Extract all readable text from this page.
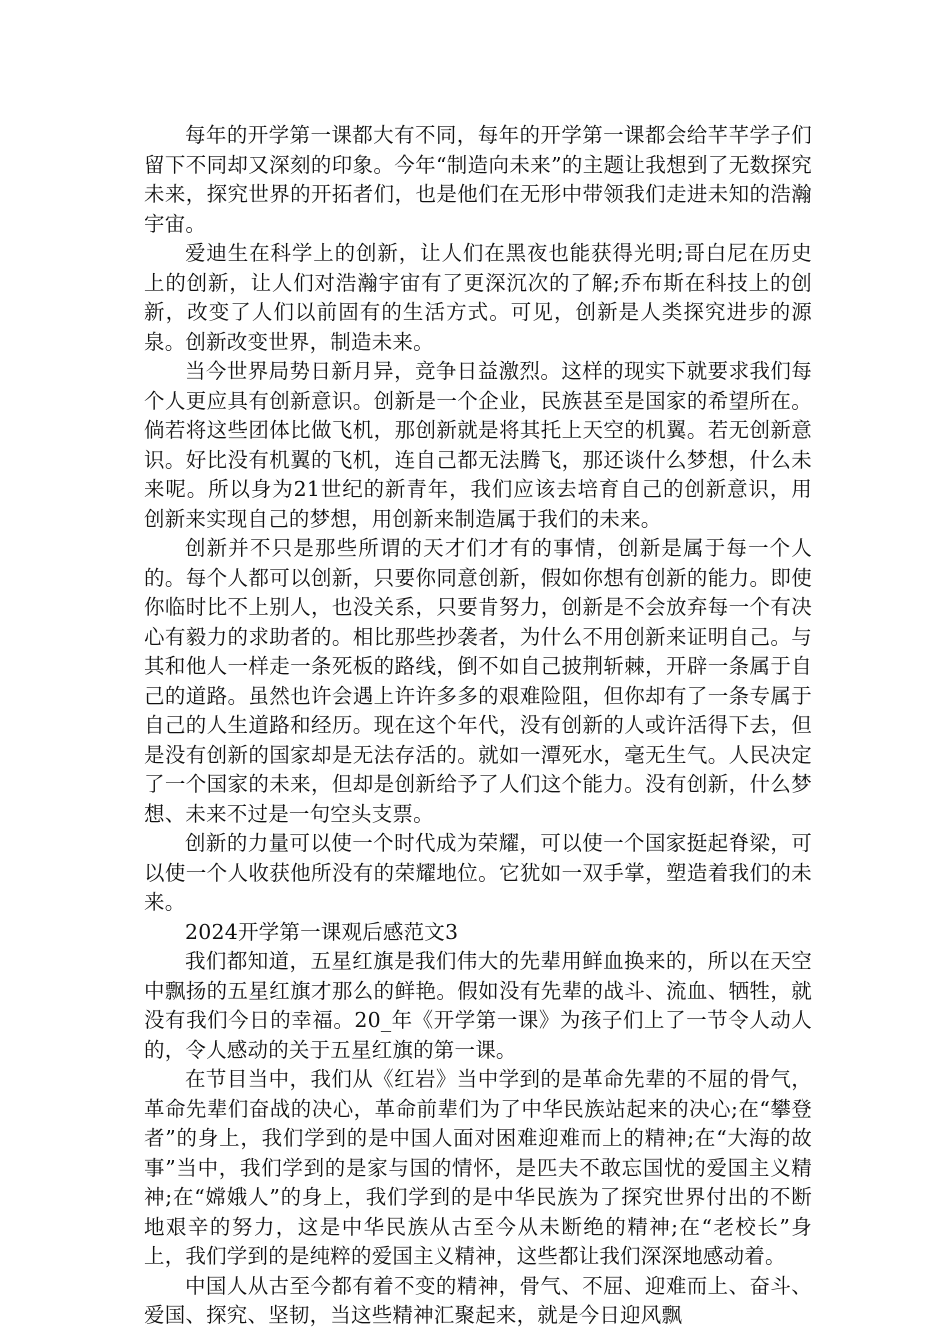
每年的开学第一课都大有不同，每年的开学第一课都会给芊芊学子们留下不同却又深刻的印象。今年“制造向未来”的主题让我想到了无数探究未来，探究世界的开拓者们，也是他们在无形中带领我们走进未知的浩瀚宇宙。

爱迪生在科学上的创新，让人们在黑夜也能获得光明;哥白尼在历史上的创新，让人们对浩瀚宇宙有了更深沉次的了解;乔布斯在科技上的创新，改变了人们以前固有的生活方式。可见，创新是人类探究进步的源泉。创新改变世界，制造未来。

当今世界局势日新月异，竞争日益激烈。这样的现实下就要求我们每个人更应具有创新意识。创新是一个企业，民族甚至是国家的希望所在。倘若将这些团体比做飞机，那创新就是将其托上天空的机翼。若无创新意识。好比没有机翼的飞机，连自己都无法腾飞，那还谈什么梦想，什么未来呢。所以身为21世纪的新青年，我们应该去培育自己的创新意识，用创新来实现自己的梦想，用创新来制造属于我们的未来。

创新并不只是那些所谓的天才们才有的事情，创新是属于每一个人的。每个人都可以创新，只要你同意创新，假如你想有创新的能力。即使你临时比不上别人，也没关系，只要肯努力，创新是不会放弃每一个有决心有毅力的求助者的。相比那些抄袭者，为什么不用创新来证明自己。与其和他人一样走一条死板的路线，倒不如自己披荆斩棘，开辟一条属于自己的道路。虽然也许会遇上许许多多的艰难险阻，但你却有了一条专属于自己的人生道路和经历。现在这个年代，没有创新的人或许活得下去，但是没有创新的国家却是无法存活的。就如一潭死水，毫无生气。人民决定了一个国家的未来，但却是创新给予了人们这个能力。没有创新，什么梦想、未来不过是一句空头支票。

创新的力量可以使一个时代成为荣耀，可以使一个国家挺起脊梁，可以使一个人收获他所没有的荣耀地位。它犹如一双手掌，塑造着我们的未来。

2024开学第一课观后感范文3

我们都知道，五星红旗是我们伟大的先辈用鲜血换来的，所以在天空中飘扬的五星红旗才那么的鲜艳。假如没有先辈的战斗、流血、牺牲，就没有我们今日的幸福。20_年《开学第一课》为孩子们上了一节令人动人的，令人感动的关于五星红旗的第一课。

在节目当中，我们从《红岩》当中学到的是革命先辈的不屈的骨气，革命先辈们奋战的决心，革命前辈们为了中华民族站起来的决心;在“攀登者”的身上，我们学到的是中国人面对困难迎难而上的精神;在“大海的故事”当中，我们学到的是家与国的情怀，是匹夫不敢忘国忧的爱国主义精神;在“嫦娥人”的身上，我们学到的是中华民族为了探究世界付出的不断地艰辛的努力，这是中华民族从古至今从未断绝的精神;在“老校长”身上，我们学到的是纯粹的爱国主义精神，这些都让我们深深地感动着。

中国人从古至今都有着不变的精神，骨气、不屈、迎难而上、奋斗、爱国、探究、坚韧，当这些精神汇聚起来，就是今日迎风飘
